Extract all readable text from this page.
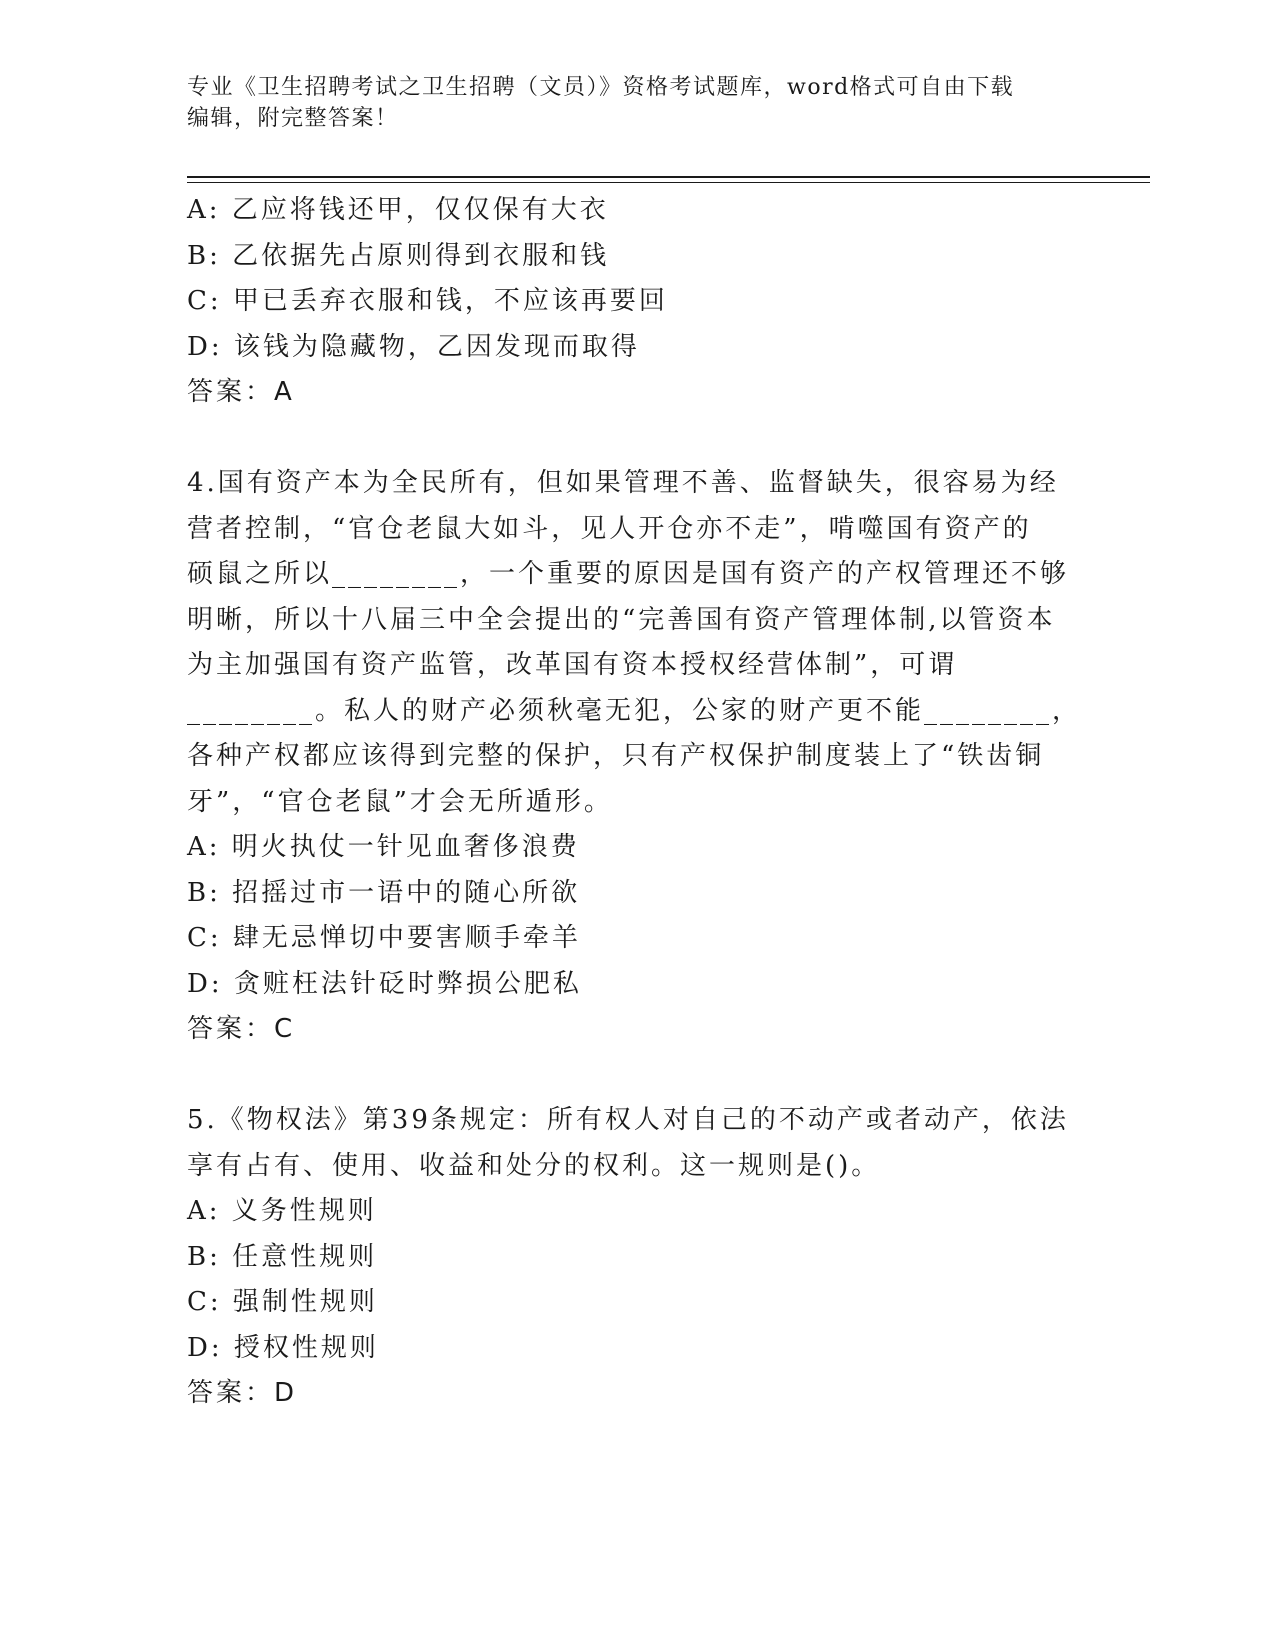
专业《卫生招聘考试之卫生招聘（文员）》资格考试题库，word格式可自由下载
编辑，附完整答案！
A: 乙应将钱还甲，仅仅保有大衣
B: 乙依据先占原则得到衣服和钱
C: 甲已丢弃衣服和钱，不应该再要回
D: 该钱为隐藏物，乙因发现而取得
答案：A
4.国有资产本为全民所有，但如果管理不善、监督缺失，很容易为经
营者控制，“官仓老鼠大如斗，见人开仓亦不走”，啃噬国有资产的
硕鼠之所以________，一个重要的原因是国有资产的产权管理还不够
明晰，所以十八届三中全会提出的“完善国有资产管理体制,以管资本
为主加强国有资产监管，改革国有资本授权经营体制”，可谓
________。私人的财产必须秋毫无犯，公家的财产更不能________，
各种产权都应该得到完整的保护，只有产权保护制度装上了“铁齿铜
牙”，“官仓老鼠”才会无所遁形。
A: 明火执仗一针见血奢侈浪费
B: 招摇过市一语中的随心所欲
C: 肆无忌惮切中要害顺手牵羊
D: 贪赃枉法针砭时弊损公肥私
答案：C
5.《物权法》第39条规定：所有权人对自己的不动产或者动产，依法
享有占有、使用、收益和处分的权利。这一规则是()。
A: 义务性规则
B: 任意性规则
C: 强制性规则
D: 授权性规则
答案：D
